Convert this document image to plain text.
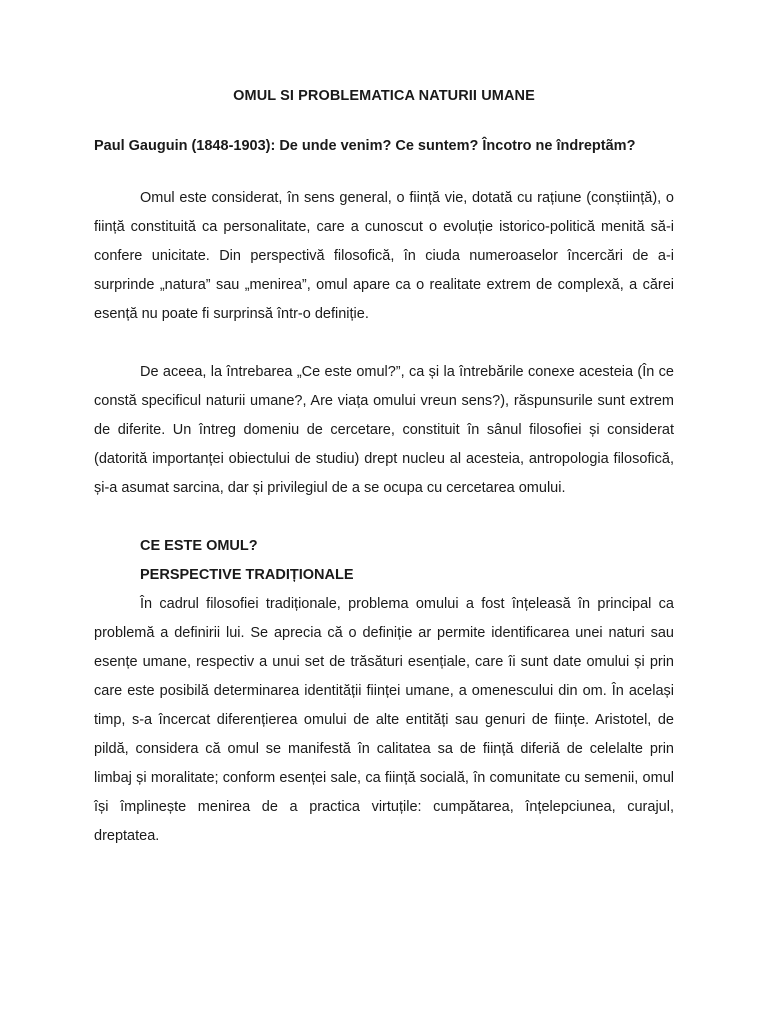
OMUL SI PROBLEMATICA NATURII UMANE
Paul Gauguin (1848-1903): De unde venim? Ce suntem? Încotro ne îndreptãm?

Omul este considerat, în sens general, o ființă vie, dotată cu rațiune (conștiință), o ființă constituită ca personalitate, care a cunoscut o evoluție istorico-politică menită să-i confere unicitate. Din perspectivă filosofică, în ciuda numeroaselor încercări de a-i surprinde „natura” sau „menirea”, omul apare ca o realitate extrem de complexă, a cărei esență nu poate fi surprinsă într-o definiție.

De aceea, la întrebarea „Ce este omul?”, ca și la întrebările conexe acesteia (În ce constă specificul naturii umane?, Are viața omului vreun sens?), răspunsurile sunt extrem de diferite. Un întreg domeniu de cercetare, constituit în sânul filosofiei și considerat (datorită importanței obiectului de studiu) drept nucleu al acesteia, antropologia filosofică, și-a asumat sarcina, dar și privilegiul de a se ocupa cu cercetarea omului.

CE ESTE OMUL?
PERSPECTIVE TRADIȚIONALE

În cadrul filosofiei tradiționale, problema omului a fost înțeleasă în principal ca problemă a definirii lui. Se aprecia că o definiție ar permite identificarea unei naturi sau esențe umane, respectiv a unui set de trăsături esențiale, care îi sunt date omului și prin care este posibilă determinarea identității ființei umane, a omenescului din om. În același timp, s-a încercat diferențierea omului de alte entități sau genuri de ființe. Aristotel, de pildă, considera că omul se manifestă în calitatea sa de ființă diferiă de celelalte prin limbaj și moralitate; conform esenței sale, ca ființă socială, în comunitate cu semenii, omul își împlinește menirea de a practica virtuțile: cumpătarea, înțelepciunea, curajul, dreptatea.
